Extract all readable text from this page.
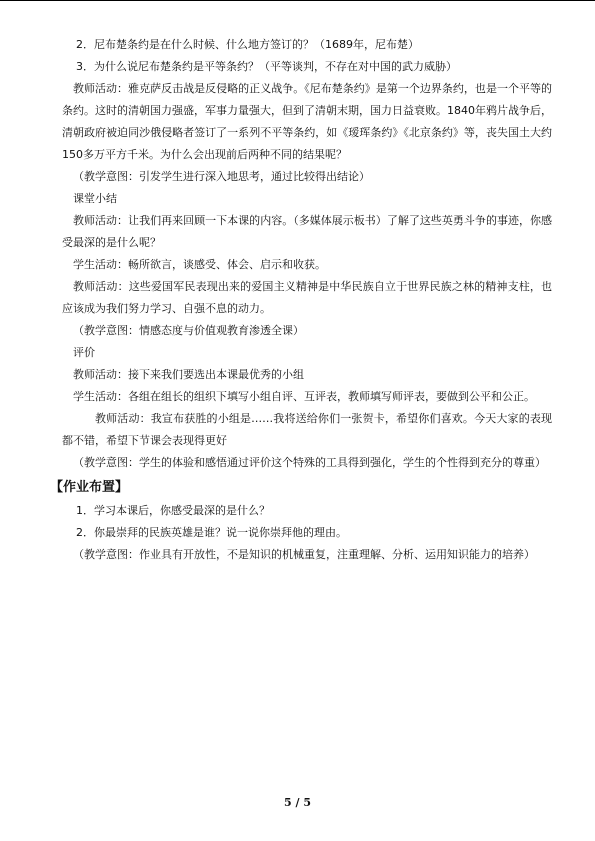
2．尼布楚条约是在什么时候、什么地方签订的？（1689年，尼布楚）

3．为什么说尼布楚条约是平等条约？（平等谈判，不存在对中国的武力威胁）

教师活动：雅克萨反击战是反侵略的正义战争。《尼布楚条约》是第一个边界条约，也是一个平等的条约。这时的清朝国力强盛，军事力量强大，但到了清朝末期，国力日益衰败。1840年鸦片战争后，清朝政府被迫同沙俄侵略者签订了一系列不平等条约，如《瑷珲条约》《北京条约》等，丧失国土大约150多万平方千米。为什么会出现前后两种不同的结果呢？

（教学意图：引发学生进行深入地思考，通过比较得出结论）

课堂小结

教师活动：让我们再来回顾一下本课的内容。（多媒体展示板书）了解了这些英勇斗争的事迹，你感受最深的是什么呢？

学生活动：畅所欲言，谈感受、体会、启示和收获。

教师活动：这些爱国军民表现出来的爱国主义精神是中华民族自立于世界民族之林的精神支柱，也应该成为我们努力学习、自强不息的动力。

（教学意图：情感态度与价值观教育渗透全课）

评价

教师活动：接下来我们要选出本课最优秀的小组

学生活动：各组在组长的组织下填写小组自评、互评表，教师填写师评表，要做到公平和公正。

教师活动：我宣布获胜的小组是……我将送给你们一张贺卡，希望你们喜欢。今天大家的表现都不错，希望下节课会表现得更好

（教学意图：学生的体验和感悟通过评价这个特殊的工具得到强化，学生的个性得到充分的尊重）

【作业布置】

1．学习本课后，你感受最深的是什么？

2．你最崇拜的民族英雄是谁？说一说你崇拜他的理由。

（教学意图：作业具有开放性，不是知识的机械重复，注重理解、分析、运用知识能力的培养）

5 / 5
